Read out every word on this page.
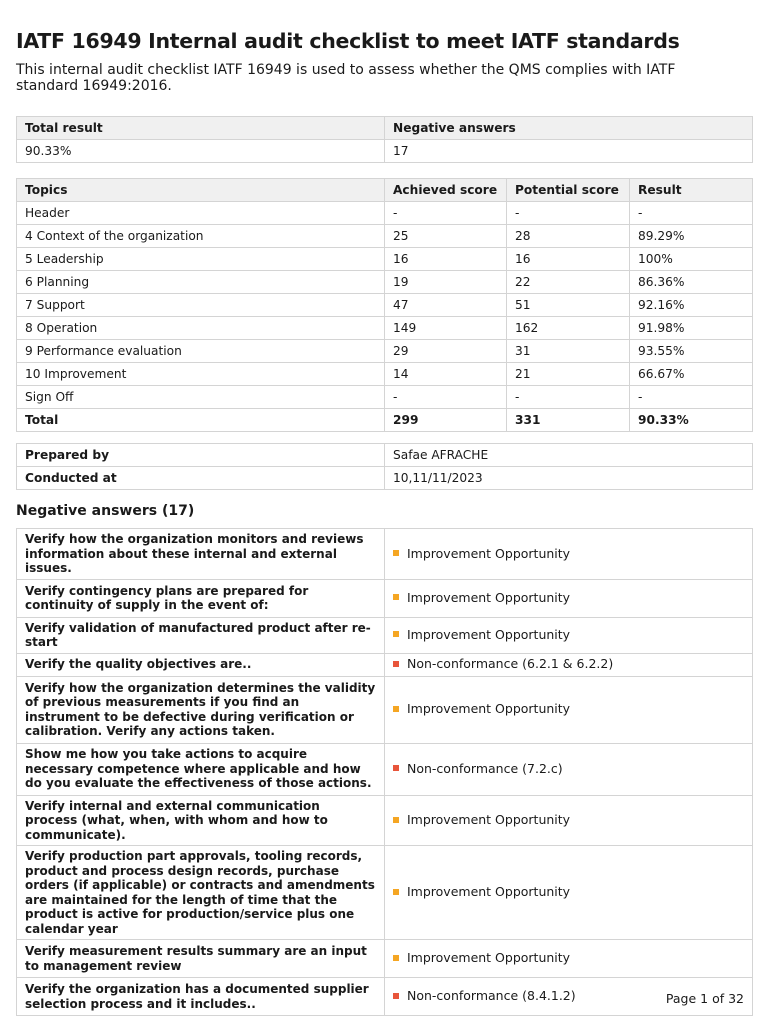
IATF 16949 Internal audit checklist to meet IATF standards

This internal audit checklist IATF 16949 is used to assess whether the QMS complies with IATF standard 16949:2016.

Total result	Negative answers
90.33%	17
Topics	Achieved score	Potential score	Result
Header	-	-	-
4 Context of the organization	25	28	89.29%
5 Leadership	16	16	100%
6 Planning	19	22	86.36%
7 Support	47	51	92.16%
8 Operation	149	162	91.98%
9 Performance evaluation	29	31	93.55%
10 Improvement	14	21	66.67%
Sign Off	-	-	-
Total	299	331	90.33%
Prepared by	Safae AFRACHE
Conducted at	10,11/11/2023
Negative answers (17)
Verify how the organization monitors and reviews information about these internal and external issues.	Improvement Opportunity
Verify contingency plans are prepared for continuity of supply in the event of:	Improvement Opportunity
Verify validation of manufactured product after re-start	Improvement Opportunity
Verify the quality objectives are..	Non-conformance (6.2.1 & 6.2.2)
Verify how the organization determines the validity of previous measurements if you find an instrument to be defective during verification or calibration. Verify any actions taken.	Improvement Opportunity
Show me how you take actions to acquire necessary competence where applicable and how do you evaluate the effectiveness of those actions.	Non-conformance (7.2.c)
Verify internal and external communication process (what, when, with whom and how to communicate).	Improvement Opportunity
Verify production part approvals, tooling records, product and process design records, purchase orders (if applicable) or contracts and amendments are maintained for the length of time that the product is active for production/service plus one calendar year	Improvement Opportunity
Verify measurement results summary are an input to management review	Improvement Opportunity
Verify the organization has a documented supplier selection process and it includes..	Non-conformance (8.4.1.2)	Page 1 of 32
